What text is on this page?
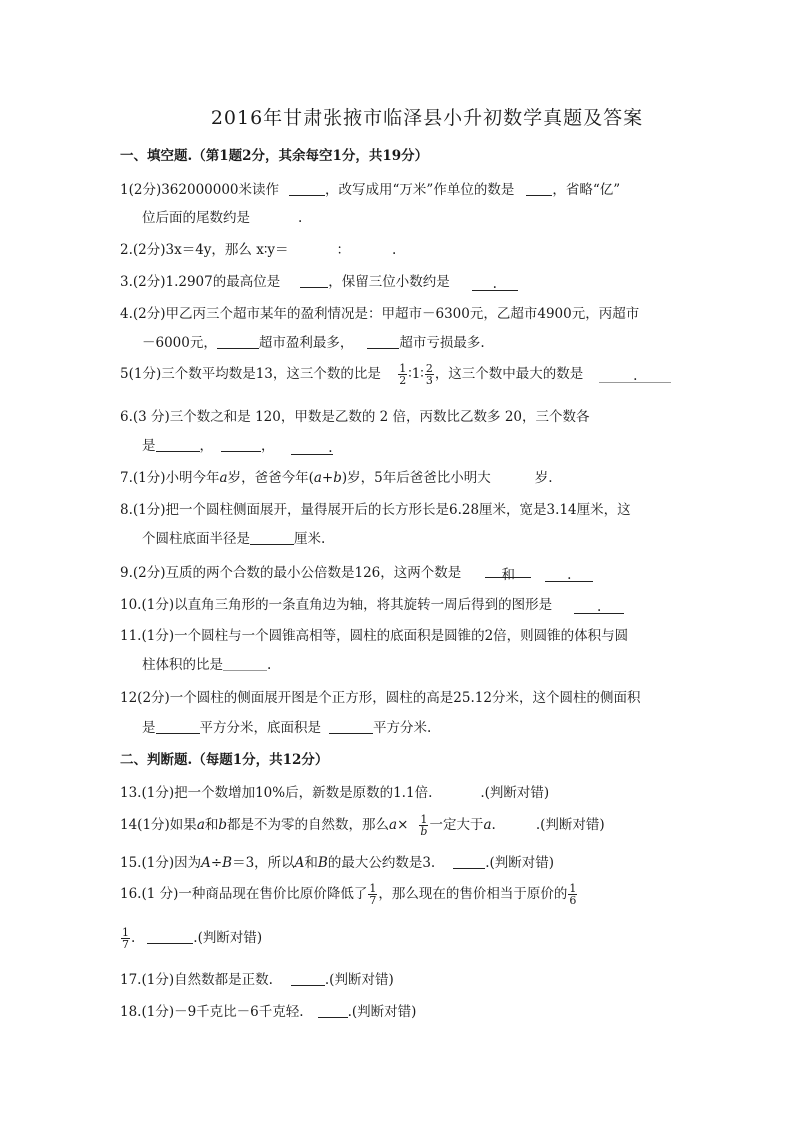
2016年甘肃张掖市临泽县小升初数学真题及答案
一、填空题.（第1题2分，其余每空1分，共19分）
1(2分)362000000米读作	，改写成用“万米”作单位的数是	，省略“亿”
位后面的尾数约是	.
2.(2分)3x＝4y，那么 x∶y＝	：	.
3.(2分)1.2907的最高位是	，保留三位小数约是	.
4.(2分)甲乙丙三个超市某年的盈利情况是：甲超市－6300元，乙超市4900元，丙超市
－6000元，	超市盈利最多，	超市亏损最多.
5(1分)三个数平均数是13，这三个数的比是 $\frac{1}{2}$ ∶1∶ $\frac{2}{3}$ ，这三个数中最大的数是	.
6.(3 分)三个数之和是 120，甲数是乙数的 2 倍，丙数比乙数多 20，三个数各
是	，	，	.
7.(1分)小明今年a岁，爸爸今年(a+b)岁，5年后爸爸比小明大	岁.
8.(1分)把一个圆柱侧面展开，量得展开后的长方形长是6.28厘米，宽是3.14厘米，这
个圆柱底面半径是	厘米.
9.(2分)互质的两个合数的最小公倍数是126，这两个数是	和	.
10.(1分)以直角三角形的一条直角边为轴，将其旋转一周后得到的图形是	.
11.(1分)一个圆柱与一个圆锥高相等，圆柱的底面积是圆锥的2倍，则圆锥的体积与圆
柱体积的比是	.
12(2分)一个圆柱的侧面展开图是个正方形，圆柱的高是25.12分米，这个圆柱的侧面积
是	平方分米，底面积是	平方分米.
二、判断题.（每题1分，共12分）
13.(1分)把一个数增加10%后，新数是原数的1.1倍.	.(判断对错)
14(1分)如果a和b都是不为零的自然数，那么$a\times \frac{1}{b}$ 一定大于a.	.(判断对错)
15.(1分)因为A÷B＝3，所以A和B的最大公约数是3.	.(判断对错)
16.(1 分)一种商品现在售价比原价降低了 $\frac{1}{7}$ ，那么现在的售价相当于原价的 $\frac{1}{6}$
$\frac{1}{7}$ .	.(判断对错)
17.(1分)自然数都是正数.	.(判断对错)
18.(1分)－9千克比－6千克轻.	.(判断对错)
